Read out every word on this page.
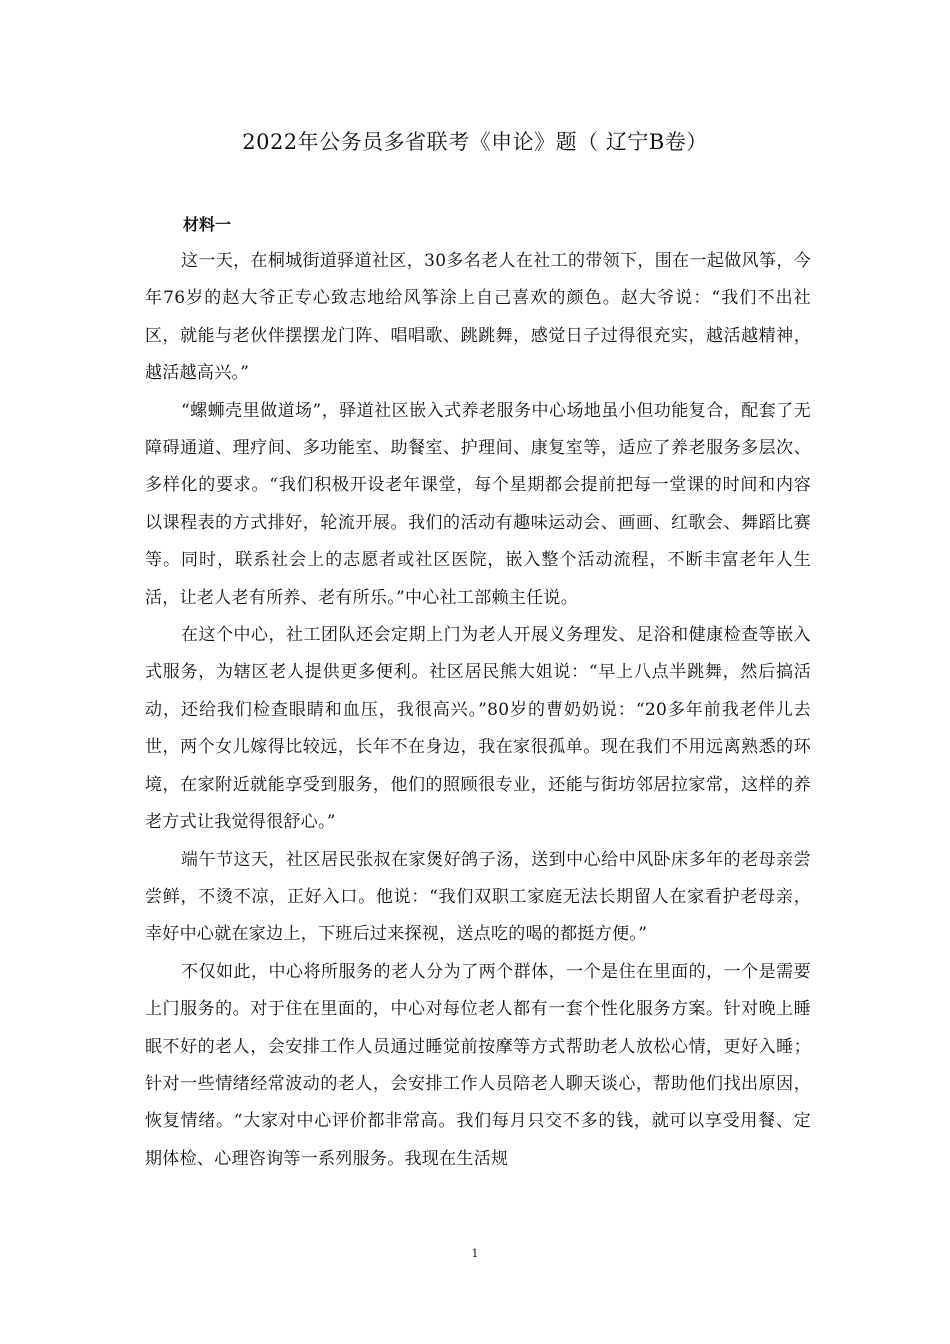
2022年公务员多省联考《申论》题（ 辽宁B卷）

材料一

这一天，在桐城街道驿道社区，30多名老人在社工的带领下，围在一起做风筝，今年76岁的赵大爷正专心致志地给风筝涂上自己喜欢的颜色。赵大爷说：“我们不出社区，就能与老伙伴摆摆龙门阵、唱唱歌、跳跳舞，感觉日子过得很充实，越活越精神，越活越高兴。”

“螺蛳壳里做道场”，驿道社区嵌入式养老服务中心场地虽小但功能复合，配套了无障碍通道、理疗间、多功能室、助餐室、护理间、康复室等，适应了养老服务多层次、多样化的要求。“我们积极开设老年课堂，每个星期都会提前把每一堂课的时间和内容以课程表的方式排好，轮流开展。我们的活动有趣味运动会、画画、红歌会、舞蹈比赛等。同时，联系社会上的志愿者或社区医院，嵌入整个活动流程，不断丰富老年人生活，让老人老有所养、老有所乐。”中心社工部赖主任说。

在这个中心，社工团队还会定期上门为老人开展义务理发、足浴和健康检查等嵌入式服务，为辖区老人提供更多便利。社区居民熊大姐说：“早上八点半跳舞，然后搞活动，还给我们检查眼睛和血压，我很高兴。”80岁的曹奶奶说：“20多年前我老伴儿去世，两个女儿嫁得比较远，长年不在身边，我在家很孤单。现在我们不用远离熟悉的环境，在家附近就能享受到服务，他们的照顾很专业，还能与街坊邻居拉家常，这样的养老方式让我觉得很舒心。”

端午节这天，社区居民张叔在家煲好鸽子汤，送到中心给中风卧床多年的老母亲尝尝鲜，不烫不凉，正好入口。他说：“我们双职工家庭无法长期留人在家看护老母亲，幸好中心就在家边上，下班后过来探视，送点吃的喝的都挺方便。”

不仅如此，中心将所服务的老人分为了两个群体，一个是住在里面的，一个是需要上门服务的。对于住在里面的，中心对每位老人都有一套个性化服务方案。针对晚上睡眠不好的老人，会安排工作人员通过睡觉前按摩等方式帮助老人放松心情，更好入睡；针对一些情绪经常波动的老人，会安排工作人员陪老人聊天谈心，帮助他们找出原因，恢复情绪。“大家对中心评价都非常高。我们每月只交不多的钱，就可以享受用餐、定期体检、心理咨询等一系列服务。我现在生活规

1
